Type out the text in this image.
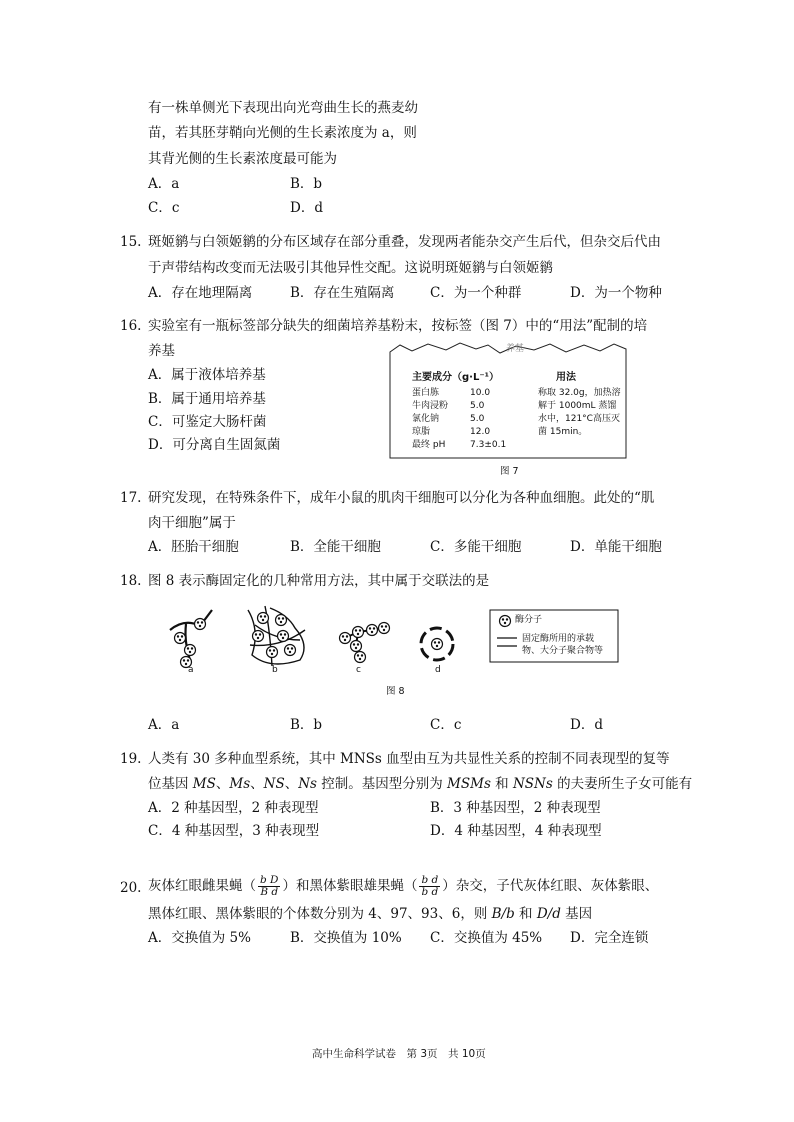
有一株单侧光下表现出向光弯曲生长的燕麦幼
苗，若其胚芽鞘向光侧的生长素浓度为 a，则
其背光侧的生长素浓度最可能为
A．a	B．b
C．c	D．d
15. 斑姬鹟与白领姬鹟的分布区域存在部分重叠，发现两者能杂交产生后代，但杂交后代由
于声带结构改变而无法吸引其他异性交配。这说明斑姬鹟与白领姬鹟
A．存在地理隔离	B．存在生殖隔离	C．为一个种群	D．为一个物种
16. 实验室有一瓶标签部分缺失的细菌培养基粉末，按标签（图 7）中的“用法”配制的培
养基
A．属于液体培养基
B．属于通用培养基
C．可鉴定大肠杆菌
D．可分离自生固氮菌
养基
主要成分（g·L⁻¹）	用法
蛋白胨	10.0
牛肉浸粉 5.0
氯化钠	5.0
琼脂	12.0
最终 pH	7.3±0.1
称取 32.0g，加热溶
解于 1000mL 蒸馏
水中，121°C高压灭
菌 15min。
图 7
17. 研究发现，在特殊条件下，成年小鼠的肌肉干细胞可以分化为各种血细胞。此处的“肌
肉干细胞”属于
A．胚胎干细胞	B．全能干细胞	C．多能干细胞	D．单能干细胞
18. 图 8 表示酶固定化的几种常用方法，其中属于交联法的是
酶分子
固定酶所用的承载
物、大分子聚合物等
a	b	c	d
图 8
A．a	B．b	C．c	D．d
19. 人类有 30 多种血型系统，其中 MNSs 血型由互为共显性关系的控制不同表现型的复等
位基因 MS、Ms、NS、Ns 控制。基因型分别为 MSMs 和 NSNs 的夫妻所生子女可能有
A．2 种基因型，2 种表现型	B．3 种基因型，2 种表现型
C．4 种基因型，3 种表现型	D．4 种基因型，4 种表现型
20. 灰体红眼雌果蝇（ $\frac{\text{b D}}{\text{B d}}$ ）和黑体紫眼雄果蝇（ $\frac{\text{b d}}{\text{b d}}$ ）杂交，子代灰体红眼、灰体紫眼、
黑体红眼、黑体紫眼的个体数分别为 4、97、93、6，则 B/b 和 D/d 基因
A．交换值为 5%	B．交换值为 10% C．交换值为 45% D．完全连锁
高中生命科学试卷　第 3页　共 10页
